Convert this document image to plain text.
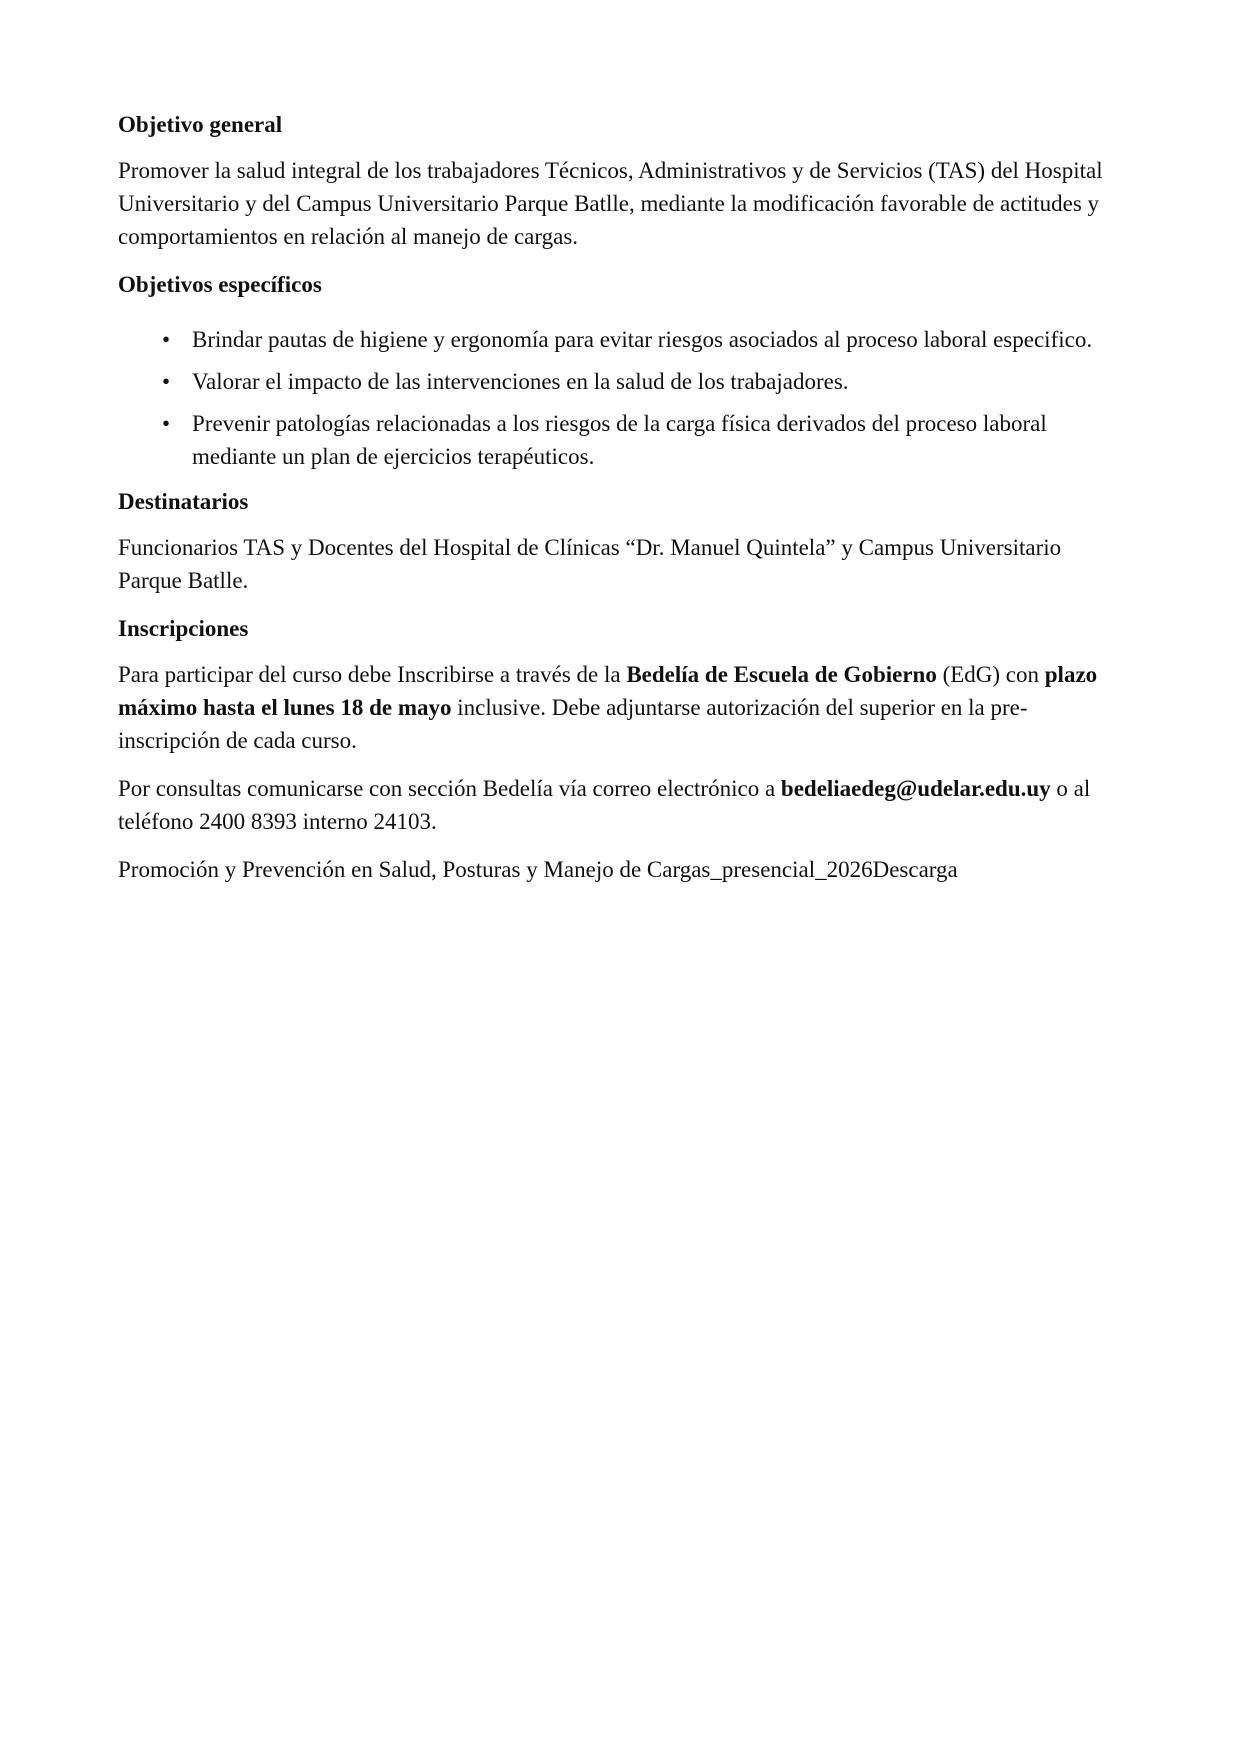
Objetivo general
Promover la salud integral de los trabajadores Técnicos, Administrativos y de Servicios (TAS) del Hospital Universitario y del Campus Universitario Parque Batlle, mediante la modificación favorable de actitudes y comportamientos en relación al manejo de cargas.
Objetivos específicos
• Brindar pautas de higiene y ergonomía para evitar riesgos asociados al proceso laboral especifico.
• Valorar el impacto de las intervenciones en la salud de los trabajadores.
• Prevenir patologías relacionadas a los riesgos de la carga física derivados del proceso laboral mediante un plan de ejercicios terapéuticos.
Destinatarios
Funcionarios TAS y Docentes del Hospital de Clínicas “Dr. Manuel Quintela” y Campus Universitario Parque Batlle.
Inscripciones
Para participar del curso debe Inscribirse a través de la Bedelía de Escuela de Gobierno (EdG) con plazo máximo hasta el lunes 18 de mayo inclusive. Debe adjuntarse autorización del superior en la pre-inscripción de cada curso.
Por consultas comunicarse con sección Bedelía vía correo electrónico a bedeliaedeg@udelar.edu.uy o al teléfono 2400 8393 interno 24103.
Promoción y Prevención en Salud, Posturas y Manejo de Cargas_presencial_2026Descarga
